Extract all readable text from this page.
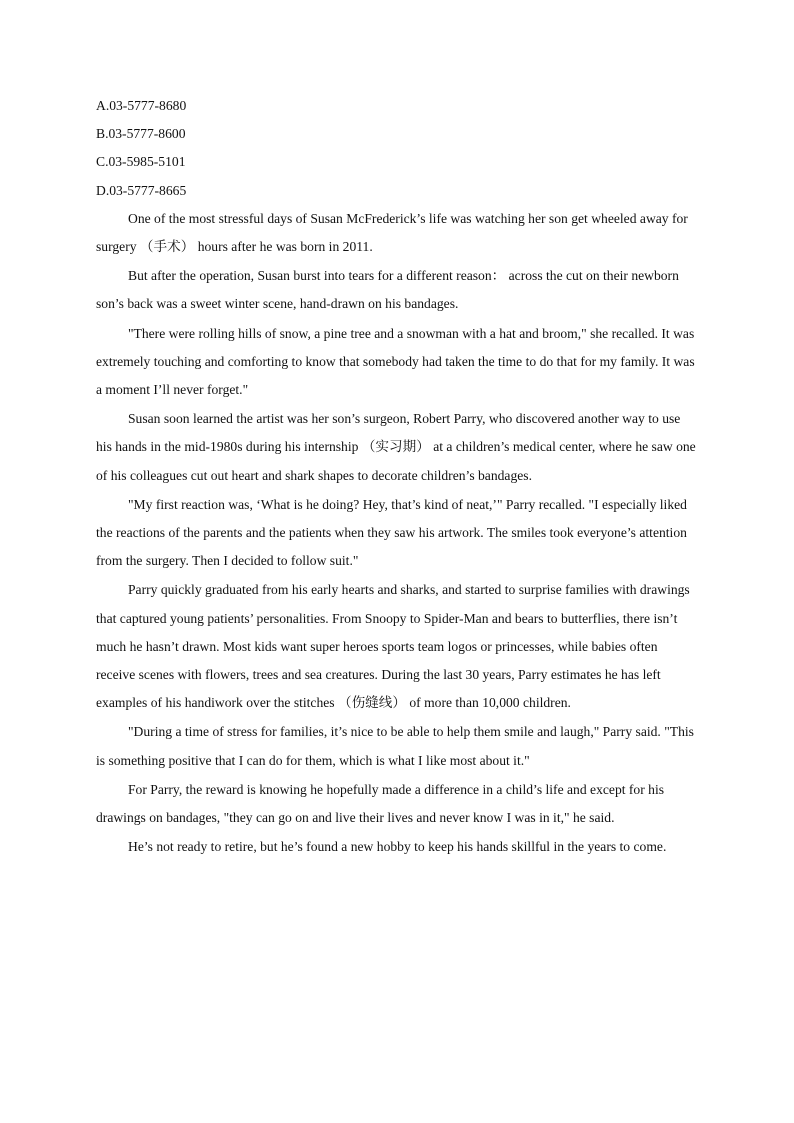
A.03-5777-8680

B.03-5777-8600

C.03-5985-5101

D.03-5777-8665

One of the most stressful days of Susan McFrederick’s life was watching her son get wheeled away for surgery （手术） hours after he was born in 2011.

But after the operation, Susan burst into tears for a different reason： across the cut on their newborn son’s back was a sweet winter scene, hand-drawn on his bandages.

"There were rolling hills of snow, a pine tree and a snowman with a hat and broom," she recalled. It was extremely touching and comforting to know that somebody had taken the time to do that for my family. It was a moment I’ll never forget."

Susan soon learned the artist was her son’s surgeon, Robert Parry, who discovered another way to use his hands in the mid-1980s during his internship （实习期） at a children’s medical center, where he saw one of his colleagues cut out heart and shark shapes to decorate children’s bandages.

"My first reaction was, ‘What is he doing? Hey, that’s kind of neat,’" Parry recalled. "I especially liked the reactions of the parents and the patients when they saw his artwork. The smiles took everyone’s attention from the surgery. Then I decided to follow suit."

Parry quickly graduated from his early hearts and sharks, and started to surprise families with drawings that captured young patients’ personalities. From Snoopy to Spider-Man and bears to butterflies, there isn’t much he hasn’t drawn. Most kids want super heroes sports team logos or princesses, while babies often receive scenes with flowers, trees and sea creatures. During the last 30 years, Parry estimates he has left examples of his handiwork over the stitches （伤缝线） of more than 10,000 children.

"During a time of stress for families, it’s nice to be able to help them smile and laugh," Parry said. "This is something positive that I can do for them, which is what I like most about it."

For Parry, the reward is knowing he hopefully made a difference in a child’s life and except for his drawings on bandages, "they can go on and live their lives and never know I was in it," he said.

He’s not ready to retire, but he’s found a new hobby to keep his hands skillful in the years to come.
